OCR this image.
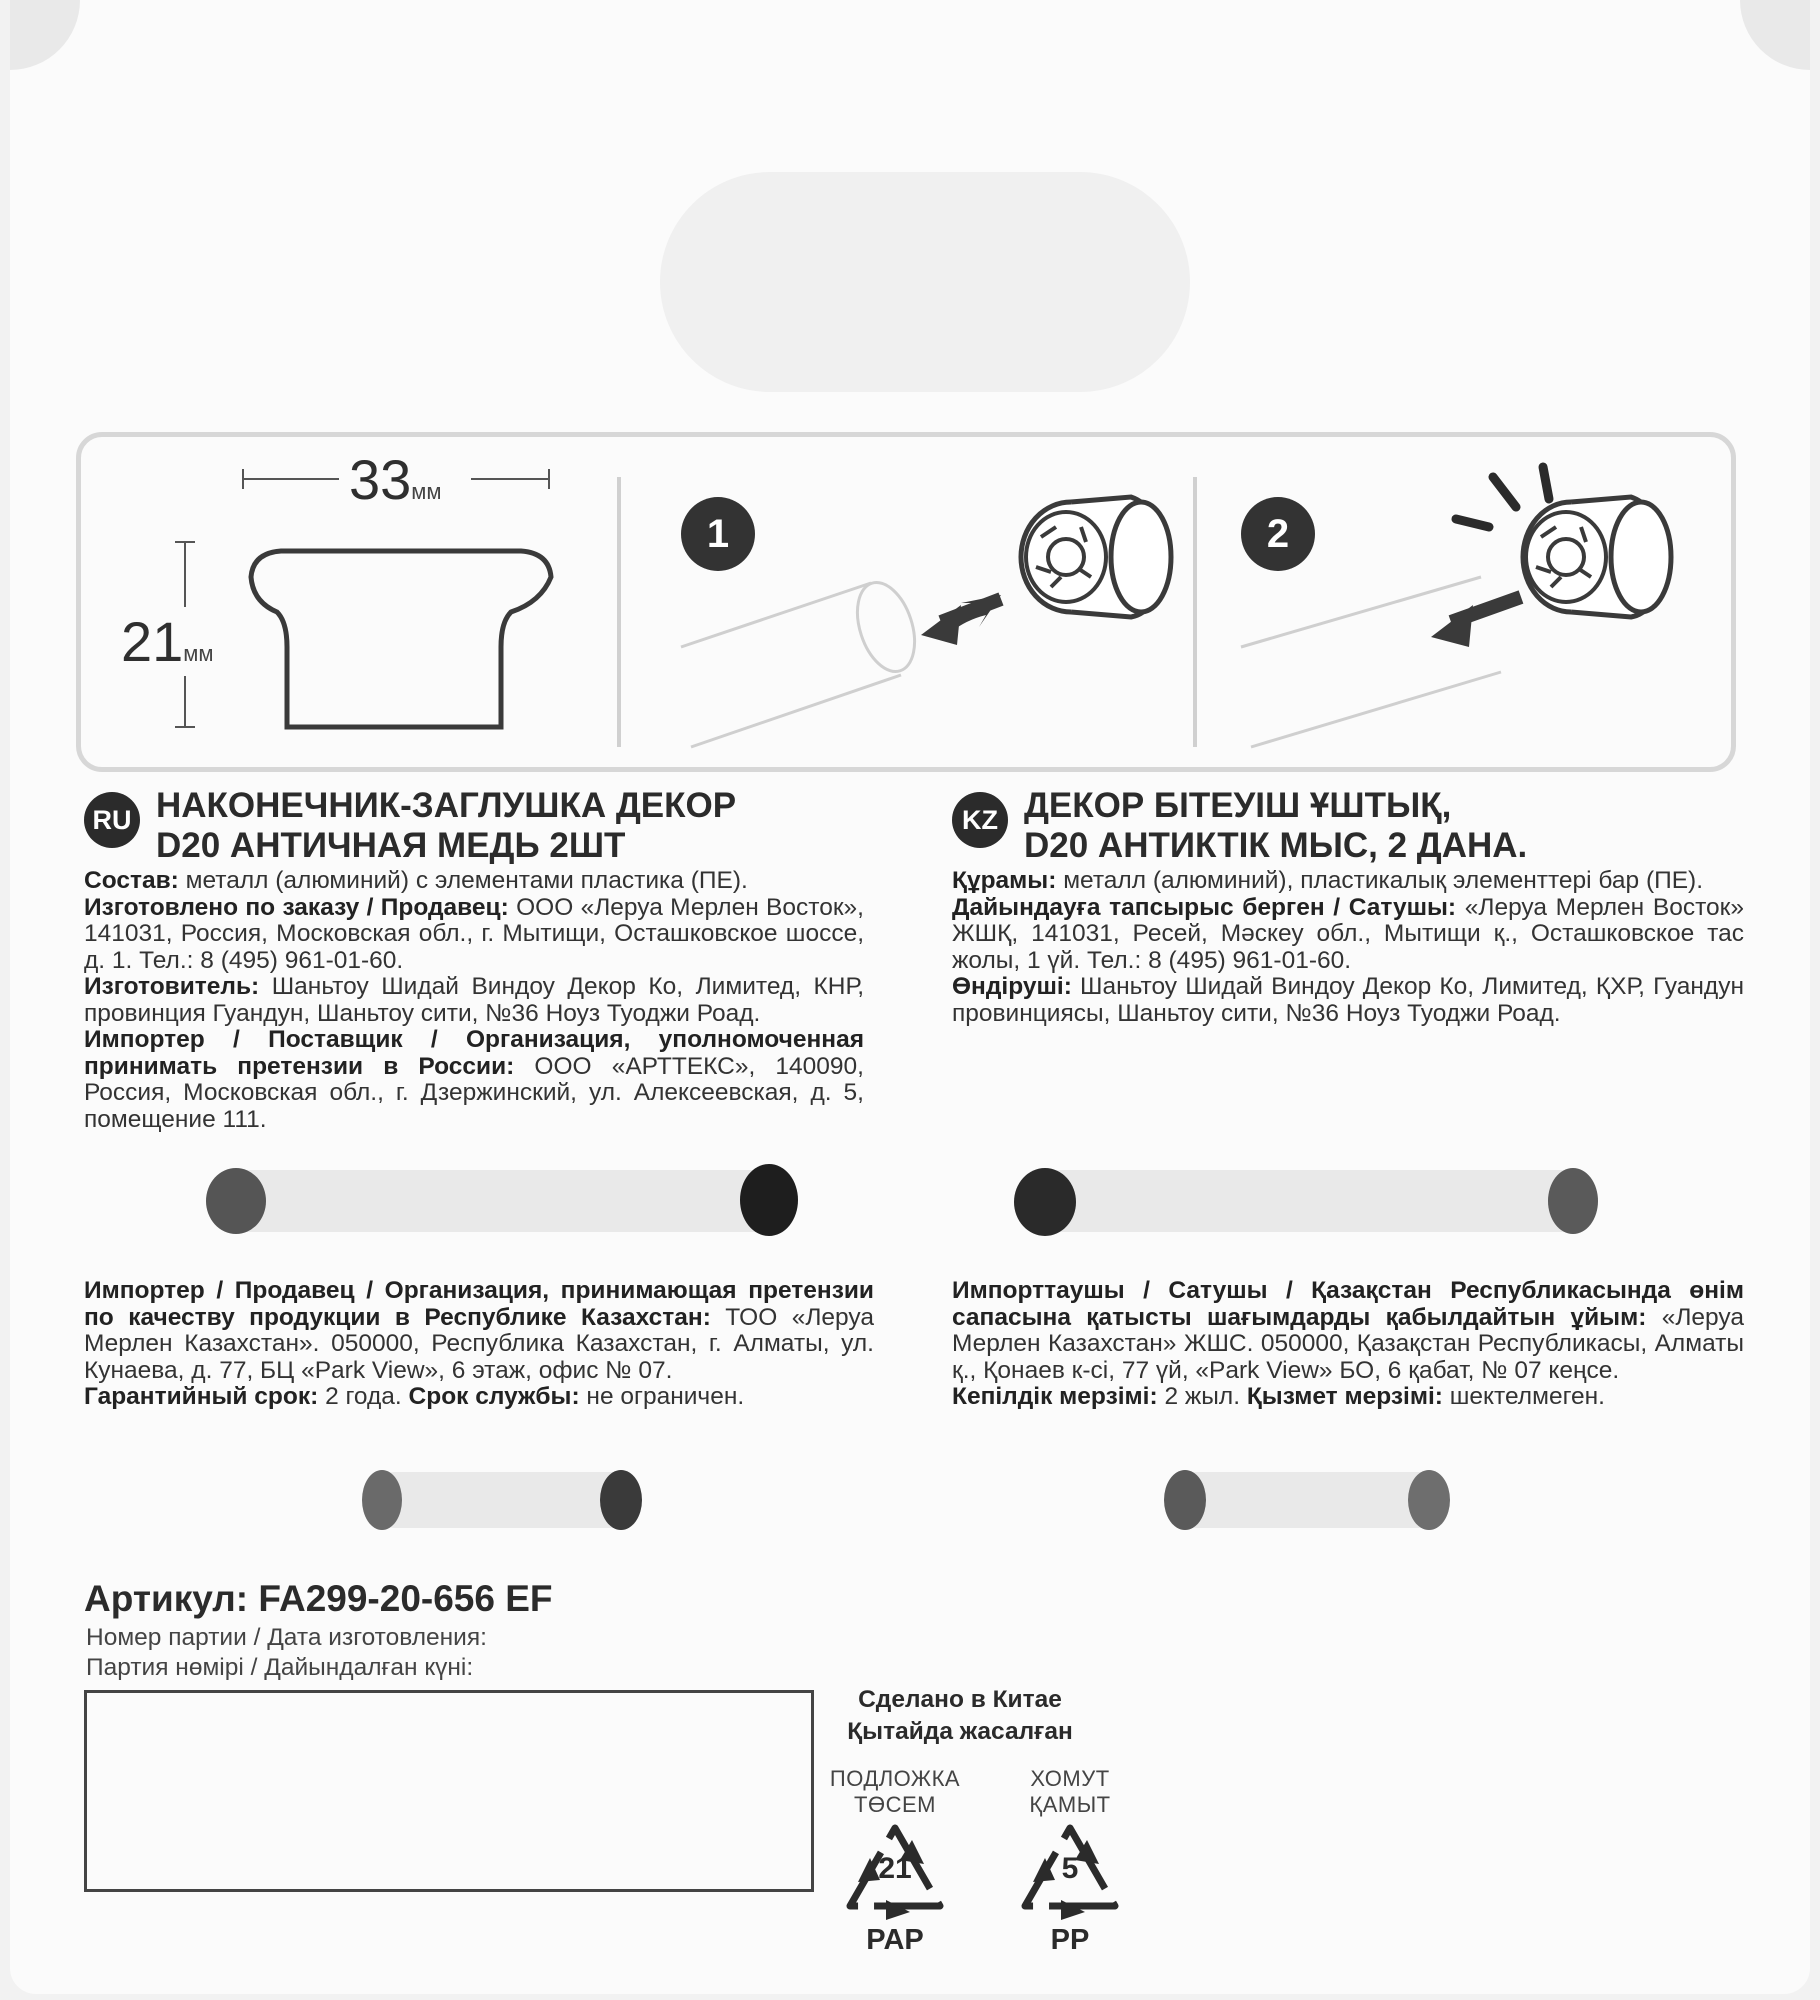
33мм
21мм
1	2
RU НАКОНЕЧНИК-ЗАГЛУШКА ДЕКОР
D20 АНТИЧНАЯ МЕДЬ 2ШТ

Состав: металл (алюминий) с элементами пластика (ПЕ).

Изготовлено по заказу / Продавец: ООО «Леруа Мерлен Восток», 141031, Россия, Московская обл., г. Мытищи, Осташковское шоссе, д. 1. Тел.: 8 (495) 961-01-60.

Изготовитель: Шаньтоу Шидай Виндоу Декор Ко, Лимитед, КНР, провинция Гуандун, Шаньтоу сити, №36 Ноуз Туоджи Роад.

Импортер / Поставщик / Организация, уполномоченная принимать претензии в России: ООО «АРТТЕКС», 140090, Россия, Московская обл., г. Дзержинский, ул. Алексеевская, д. 5, помещение 111.

KZ ДЕКОР БІТЕУІШ ҰШТЫҚ,
D20 АНТИКТІК МЫС, 2 ДАНА.

Құрамы: металл (алюминий), пластикалық элементтері бар (ПЕ).

Дайындауға тапсырыс берген / Сатушы: «Леруа Мерлен Восток» ЖШҚ, 141031, Ресей, Мәскеу обл., Мытищи қ., Осташковское тас жолы, 1 үй. Тел.: 8 (495) 961-01-60.

Өндіруші: Шаньтоу Шидай Виндоу Декор Ко, Лимитед, ҚХР, Гуандун провинциясы, Шаньтоу сити, №36 Ноуз Туоджи Роад.

Импортер / Продавец / Организация, принимающая претензии по качеству продукции в Республике Казахстан: ТОО «Леруа Мерлен Казахстан». 050000, Республика Казахстан, г. Алматы, ул. Кунаева, д. 77, БЦ «Park View», 6 этаж, офис № 07.

Гарантийный срок: 2 года. Срок службы: не ограничен.

Импорттаушы / Сатушы / Қазақстан Республикасында өнім сапасына қатысты шағымдарды қабылдайтын ұйым: «Леруа Мерлен Казахстан» ЖШС. 050000, Қазақстан Республикасы, Алматы қ., Қонаев к-сі, 77 үй, «Park View» БО, 6 қабат, № 07 кеңсе.

Кепілдік мерзімі: 2 жыл. Қызмет мерзімі: шектелмеген.

Артикул: FA299-20-656 EF
Номер партии / Дата изготовления:
Партия нөмірі / Дайындалған күні:
Сделано в Китае
Қытайда жасалған
ПОДЛОЖКА
ТӨСЕМ
21
PAP
ХОМУТ
ҚАМЫТ
5
PP
